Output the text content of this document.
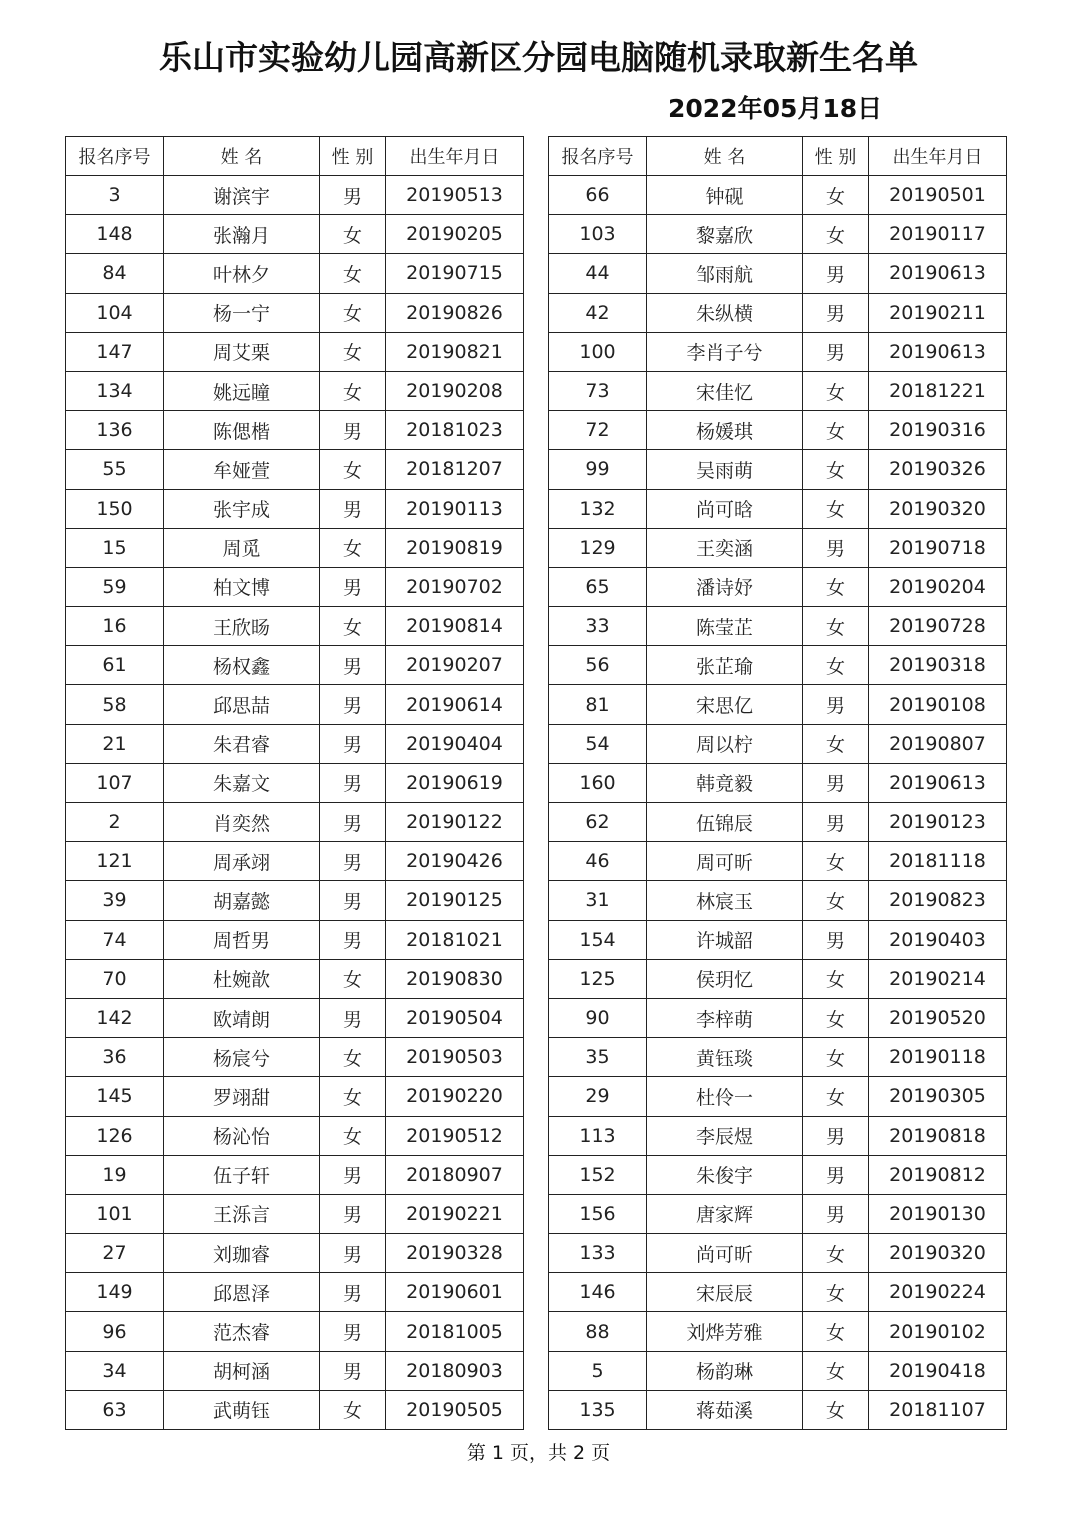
乐山市实验幼儿园高新区分园电脑随机录取新生名单
2022年05月18日
报名序号	姓 名	性 别	出生年月日
3	谢滨宇	男	20190513
148	张瀚月	女	20190205
84	叶林夕	女	20190715
104	杨一宁	女	20190826
147	周艾栗	女	20190821
134	姚远瞳	女	20190208
136	陈偲楷	男	20181023
55	牟娅萱	女	20181207
150	张宇成	男	20190113
15	周觅	女	20190819
59	柏文博	男	20190702
16	王欣旸	女	20190814
61	杨权鑫	男	20190207
58	邱思喆	男	20190614
21	朱君睿	男	20190404
107	朱嘉文	男	20190619
2	肖奕然	男	20190122
121	周承翊	男	20190426
39	胡嘉懿	男	20190125
74	周哲男	男	20181021
70	杜婉歆	女	20190830
142	欧靖朗	男	20190504
36	杨宸兮	女	20190503
145	罗翊甜	女	20190220
126	杨沁怡	女	20190512
19	伍子轩	男	20180907
101	王泺言	男	20190221
27	刘珈睿	男	20190328
149	邱恩泽	男	20190601
96	范杰睿	男	20181005
34	胡柯涵	男	20180903
63	武萌钰	女	20190505
报名序号	姓 名	性 别	出生年月日
66	钟砚	女	20190501
103	黎嘉欣	女	20190117
44	邹雨航	男	20190613
42	朱纵横	男	20190211
100	李肖子兮	男	20190613
73	宋佳忆	女	20181221
72	杨媛琪	女	20190316
99	吴雨萌	女	20190326
132	尚可晗	女	20190320
129	王奕涵	男	20190718
65	潘诗妤	女	20190204
33	陈莹芷	女	20190728
56	张芷瑜	女	20190318
81	宋思亿	男	20190108
54	周以柠	女	20190807
160	韩竟毅	男	20190613
62	伍锦辰	男	20190123
46	周可昕	女	20181118
31	林宸玉	女	20190823
154	许城韶	男	20190403
125	侯玥忆	女	20190214
90	李梓萌	女	20190520
35	黄钰琰	女	20190118
29	杜伶一	女	20190305
113	李辰煜	男	20190818
152	朱俊宇	男	20190812
156	唐家辉	男	20190130
133	尚可昕	女	20190320
146	宋辰辰	女	20190224
88	刘烨芳雅	女	20190102
5	杨韵琳	女	20190418
135	蒋茹溪	女	20181107
第 1 页，共 2 页
